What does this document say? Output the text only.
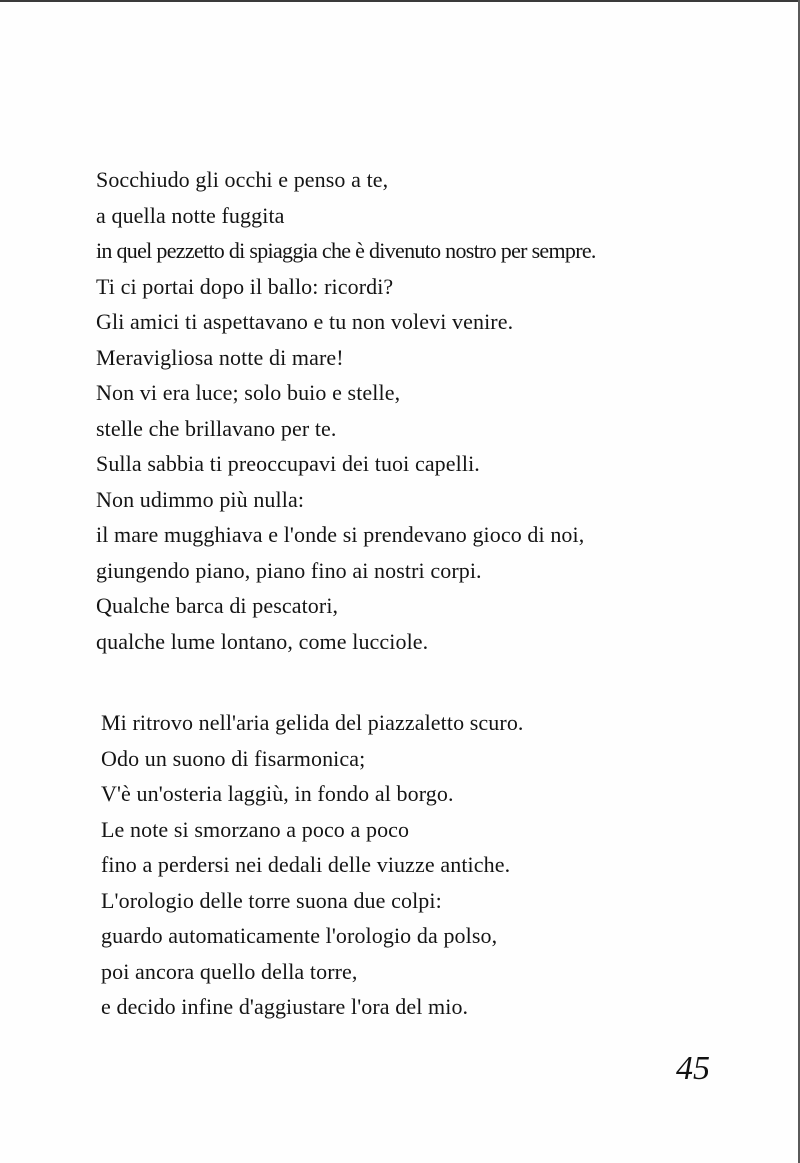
Socchiudo gli occhi e penso a te,
a quella notte fuggita
in quel pezzetto di spiaggia che è divenuto nostro per sempre.
Ti ci portai dopo il ballo: ricordi?
Gli amici ti aspettavano e tu non volevi venire.
Meravigliosa notte di mare!
Non vi era luce; solo buio e stelle,
stelle che brillavano per te.
Sulla sabbia ti preoccupavi dei tuoi capelli.
Non udimmo più nulla:
il mare mugghiava e l'onde si prendevano gioco di noi,
giungendo piano, piano fino ai nostri corpi.
Qualche barca di pescatori,
qualche lume lontano, come lucciole.
Mi ritrovo nell'aria gelida del piazzaletto scuro.
Odo un suono di fisarmonica;
V'è un'osteria laggiù, in fondo al borgo.
Le note si smorzano a poco a poco
fino a perdersi nei dedali delle viuzze antiche.
L'orologio delle torre suona due colpi:
guardo automaticamente l'orologio da polso,
poi ancora quello della torre,
e decido infine d'aggiustare l'ora del mio.
45
